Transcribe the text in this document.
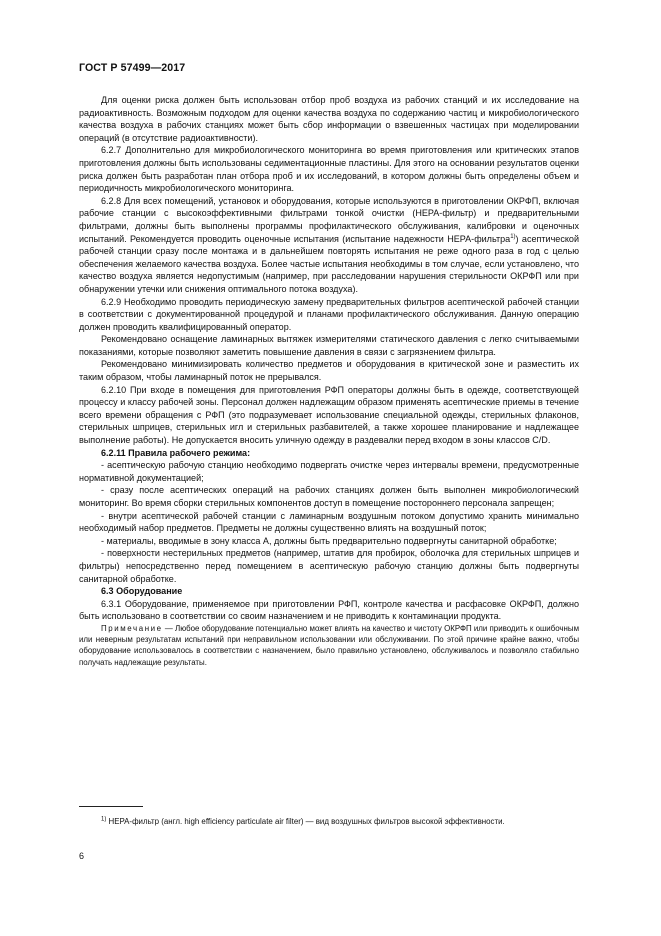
ГОСТ Р 57499—2017

Для оценки риска должен быть использован отбор проб воздуха из рабочих станций и их исследование на радиоактивность. Возможным подходом для оценки качества воздуха по содержанию частиц и микробиологического качества воздуха в рабочих станциях может быть сбор информации о взвешенных частицах при моделировании операций (в отсутствие радиоактивности).

6.2.7 Дополнительно для микробиологического мониторинга во время приготовления или критических этапов приготовления должны быть использованы седиментационные пластины. Для этого на основании результатов оценки риска должен быть разработан план отбора проб и их исследований, в котором должны быть определены объем и периодичность микробиологического мониторинга.

6.2.8 Для всех помещений, установок и оборудования, которые используются в приготовлении ОКРФП, включая рабочие станции с высокоэффективными фильтрами тонкой очистки (HEPA-фильтр) и предварительными фильтрами, должны быть выполнены программы профилактического обслуживания, калибровки и оценочных испытаний. Рекомендуется проводить оценочные испытания (испытание надежности HEPA-фильтра$^{1)}$) асептической рабочей станции сразу после монтажа и в дальнейшем повторять испытания не реже одного раза в год с целью обеспечения желаемого качества воздуха. Более частые испытания необходимы в том случае, если установлено, что качество воздуха является недопустимым (например, при расследовании нарушения стерильности ОКРФП или при обнаружении утечки или снижения оптимального потока воздуха).

6.2.9 Необходимо проводить периодическую замену предварительных фильтров асептической рабочей станции в соответствии с документированной процедурой и планами профилактического обслуживания. Данную операцию должен проводить квалифицированный оператор.

Рекомендовано оснащение ламинарных вытяжек измерителями статического давления с легко считываемыми показаниями, которые позволяют заметить повышение давления в связи с загрязнением фильтра.

Рекомендовано минимизировать количество предметов и оборудования в критической зоне и разместить их таким образом, чтобы ламинарный поток не прерывался.

6.2.10 При входе в помещения для приготовления РФП операторы должны быть в одежде, соответствующей процессу и классу рабочей зоны. Персонал должен надлежащим образом применять асептические приемы в течение всего времени обращения с РФП (это подразумевает использование специальной одежды, стерильных флаконов, стерильных шприцев, стерильных игл и стерильных разбавителей, а также хорошее планирование и надлежащее выполнение работы). Не допускается вносить уличную одежду в раздевалки перед входом в зоны классов С/D.

6.2.11 Правила рабочего режима:

- асептическую рабочую станцию необходимо подвергать очистке через интервалы времени, предусмотренные нормативной документацией;

- сразу после асептических операций на рабочих станциях должен быть выполнен микробиологический мониторинг. Во время сборки стерильных компонентов доступ в помещение постороннего персонала запрещен;

- внутри асептической рабочей станции с ламинарным воздушным потоком допустимо хранить минимально необходимый набор предметов. Предметы не должны существенно влиять на воздушный поток;

- материалы, вводимые в зону класса А, должны быть предварительно подвергнуты санитарной обработке;

- поверхности нестерильных предметов (например, штатив для пробирок, оболочка для стерильных шприцев и фильтры) непосредственно перед помещением в асептическую рабочую станцию должны быть подвергнуты санитарной обработке.

6.3 Оборудование

6.3.1 Оборудование, применяемое при приготовлении РФП, контроле качества и расфасовке ОКРФП, должно быть использовано в соответствии со своим назначением и не приводить к контаминации продукта.

Примечание — Любое оборудование потенциально может влиять на качество и чистоту ОКРФП или приводить к ошибочным или неверным результатам испытаний при неправильном использовании или обслуживании. По этой причине крайне важно, чтобы оборудование использовалось в соответствии с назначением, было правильно установлено, обслуживалось и позволяло стабильно получать надлежащие результаты.

$^{1)}$ HEPA-фильтр (англ. high efficiency particulate air filter) — вид воздушных фильтров высокой эффективности.
6
